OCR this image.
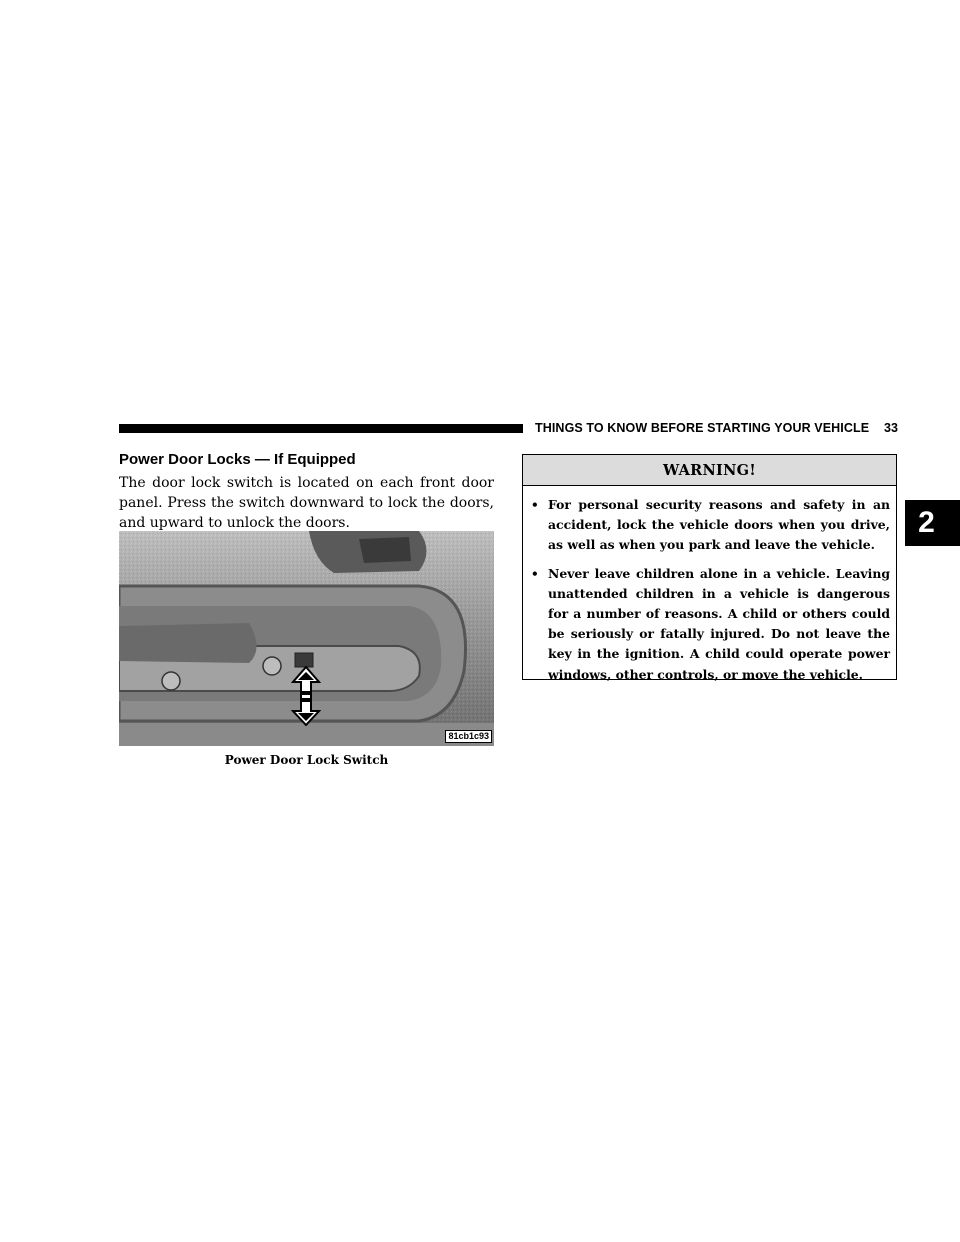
THINGS TO KNOW BEFORE STARTING YOUR VEHICLE 33
2
Power Door Locks — If Equipped
The door lock switch is located on each front door panel. Press the switch downward to lock the doors, and upward to unlock the doors.
81cb1c93
Power Door Lock Switch
WARNING!
• For personal security reasons and safety in an accident, lock the vehicle doors when you drive, as well as when you park and leave the vehicle.
• Never leave children alone in a vehicle. Leaving unattended children in a vehicle is dangerous for a number of reasons. A child or others could be seriously or fatally injured. Do not leave the key in the ignition. A child could operate power windows, other controls, or move the vehicle.
